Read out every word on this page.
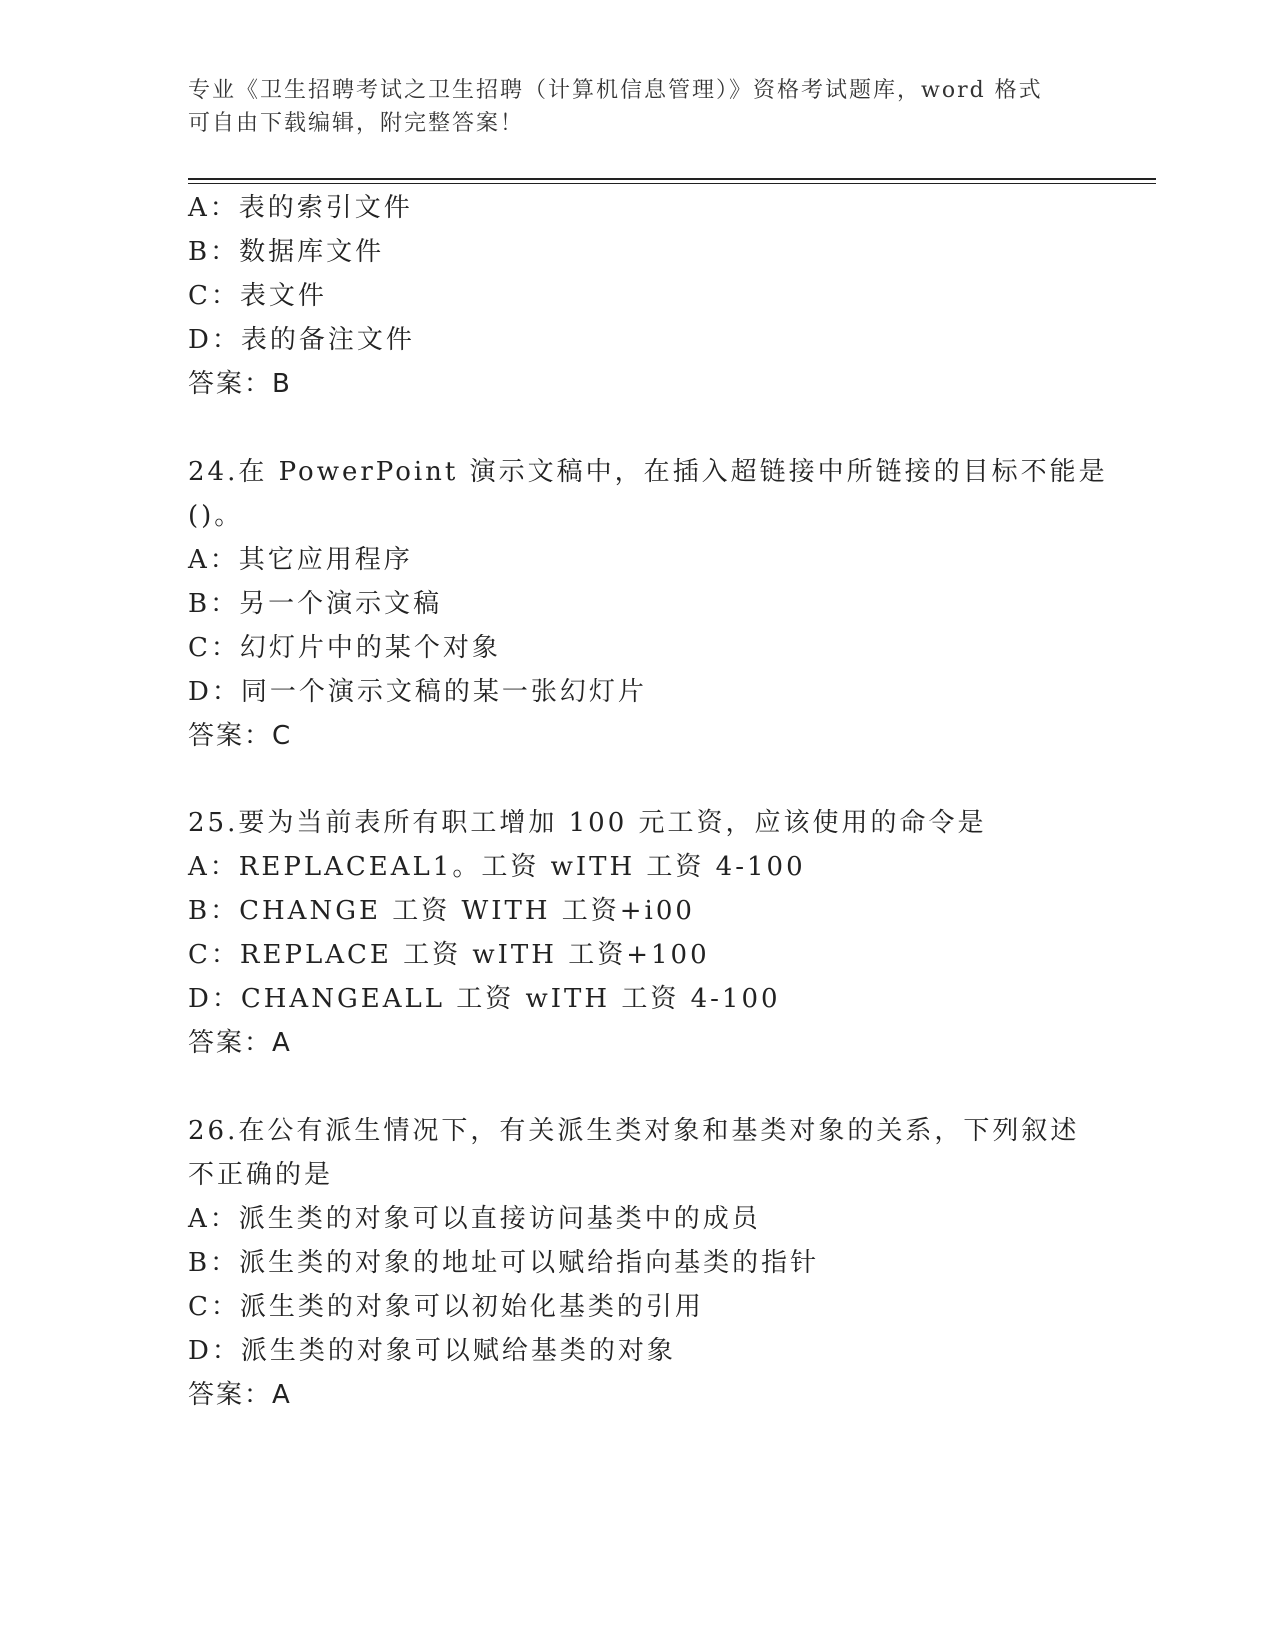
专业《卫生招聘考试之卫生招聘（计算机信息管理）》资格考试题库，word 格式
可自由下载编辑，附完整答案！
A：表的索引文件
B：数据库文件
C：表文件
D：表的备注文件
答案：B
24.在 PowerPoint 演示文稿中，在插入超链接中所链接的目标不能是
()。
A：其它应用程序
B：另一个演示文稿
C：幻灯片中的某个对象
D：同一个演示文稿的某一张幻灯片
答案：C
25.要为当前表所有职工增加 100 元工资，应该使用的命令是
A：REPLACEAL1。工资 wITH 工资 4-100
B：CHANGE 工资 WITH 工资+i00
C：REPLACE 工资 wITH 工资+100
D：CHANGEALL 工资 wITH 工资 4-100
答案：A
26.在公有派生情况下，有关派生类对象和基类对象的关系，下列叙述
不正确的是
A：派生类的对象可以直接访问基类中的成员
B：派生类的对象的地址可以赋给指向基类的指针
C：派生类的对象可以初始化基类的引用
D：派生类的对象可以赋给基类的对象
答案：A
